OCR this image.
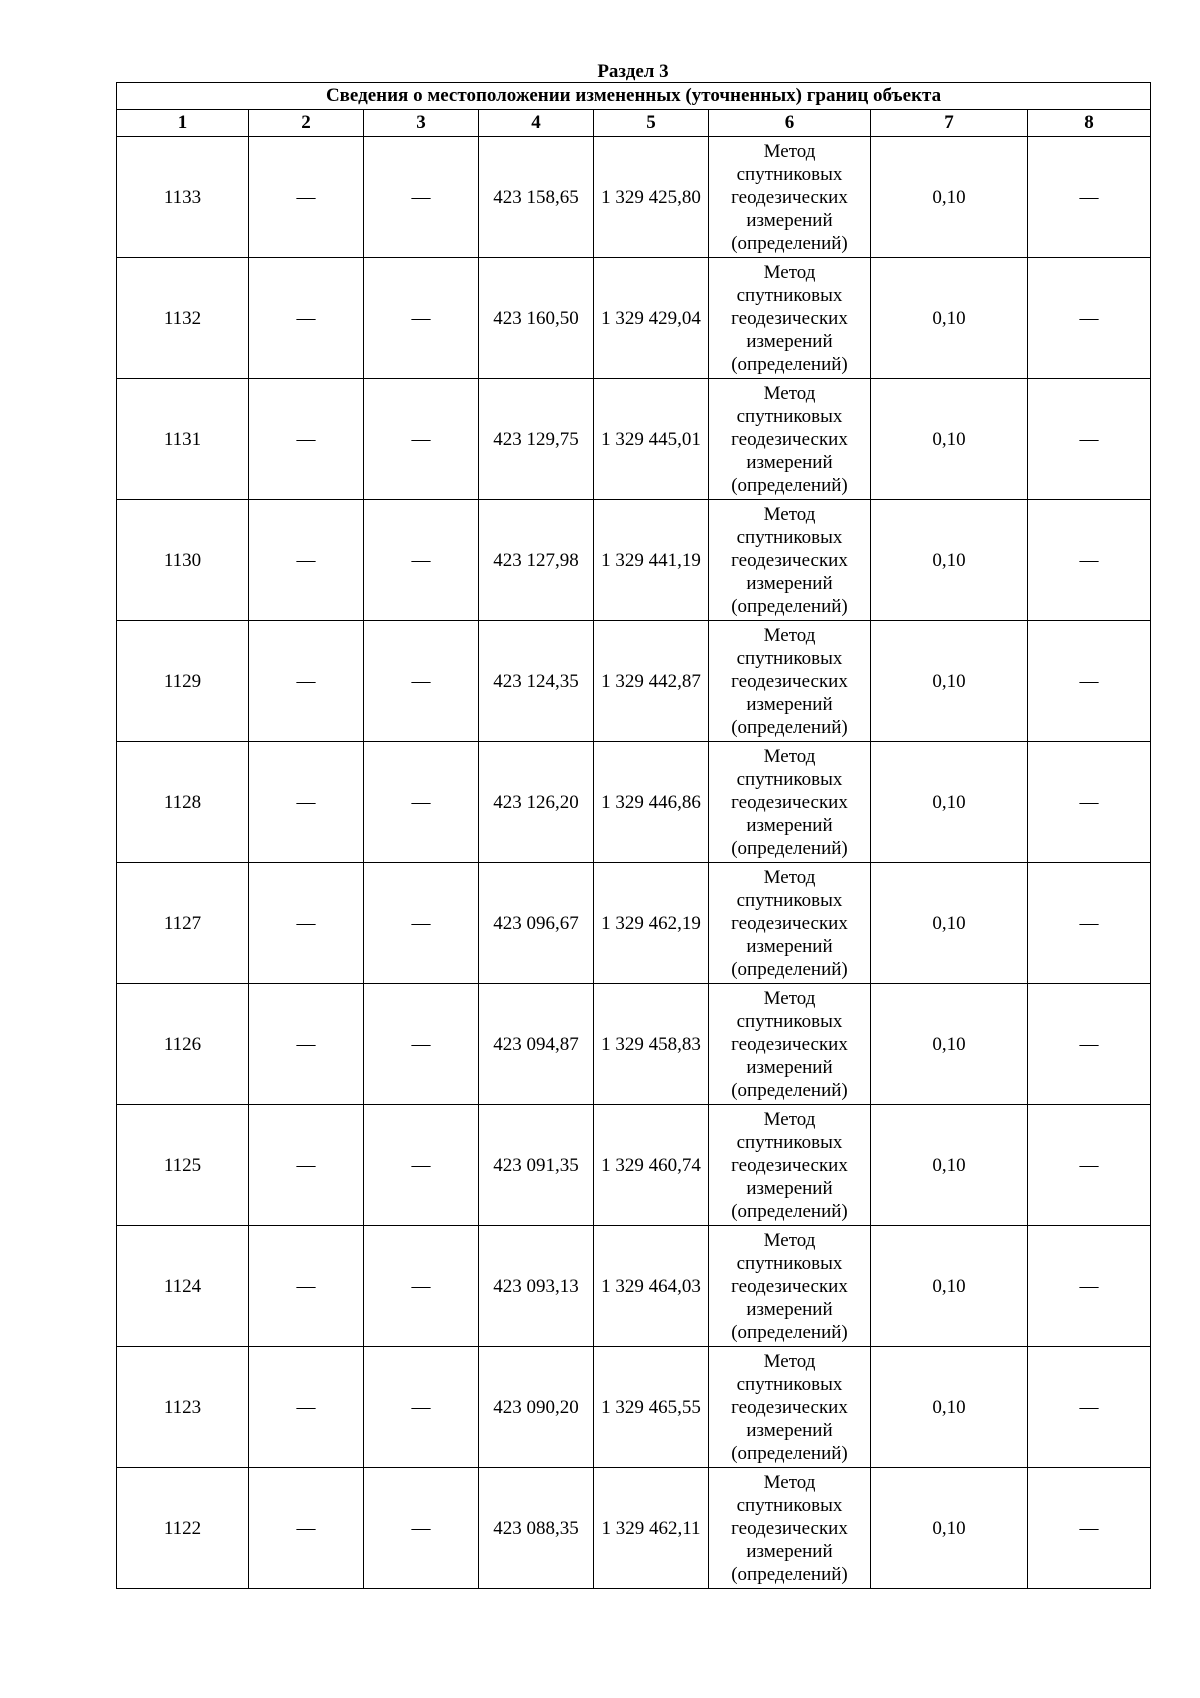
Раздел 3
Сведения о местоположении измененных (уточненных) границ объекта							
1	2	3	4	5	6	7	8
1133	—	—	423 158,65	1 329 425,80	Метод
спутниковых
геодезических
измерений
(определений)	0,10	—
1132	—	—	423 160,50	1 329 429,04	Метод
спутниковых
геодезических
измерений
(определений)	0,10	—
1131	—	—	423 129,75	1 329 445,01	Метод
спутниковых
геодезических
измерений
(определений)	0,10	—
1130	—	—	423 127,98	1 329 441,19	Метод
спутниковых
геодезических
измерений
(определений)	0,10	—
1129	—	—	423 124,35	1 329 442,87	Метод
спутниковых
геодезических
измерений
(определений)	0,10	—
1128	—	—	423 126,20	1 329 446,86	Метод
спутниковых
геодезических
измерений
(определений)	0,10	—
1127	—	—	423 096,67	1 329 462,19	Метод
спутниковых
геодезических
измерений
(определений)	0,10	—
1126	—	—	423 094,87	1 329 458,83	Метод
спутниковых
геодезических
измерений
(определений)	0,10	—
1125	—	—	423 091,35	1 329 460,74	Метод
спутниковых
геодезических
измерений
(определений)	0,10	—
1124	—	—	423 093,13	1 329 464,03	Метод
спутниковых
геодезических
измерений
(определений)	0,10	—
1123	—	—	423 090,20	1 329 465,55	Метод
спутниковых
геодезических
измерений
(определений)	0,10	—
1122	—	—	423 088,35	1 329 462,11	Метод
спутниковых
геодезических
измерений
(определений)	0,10	—
